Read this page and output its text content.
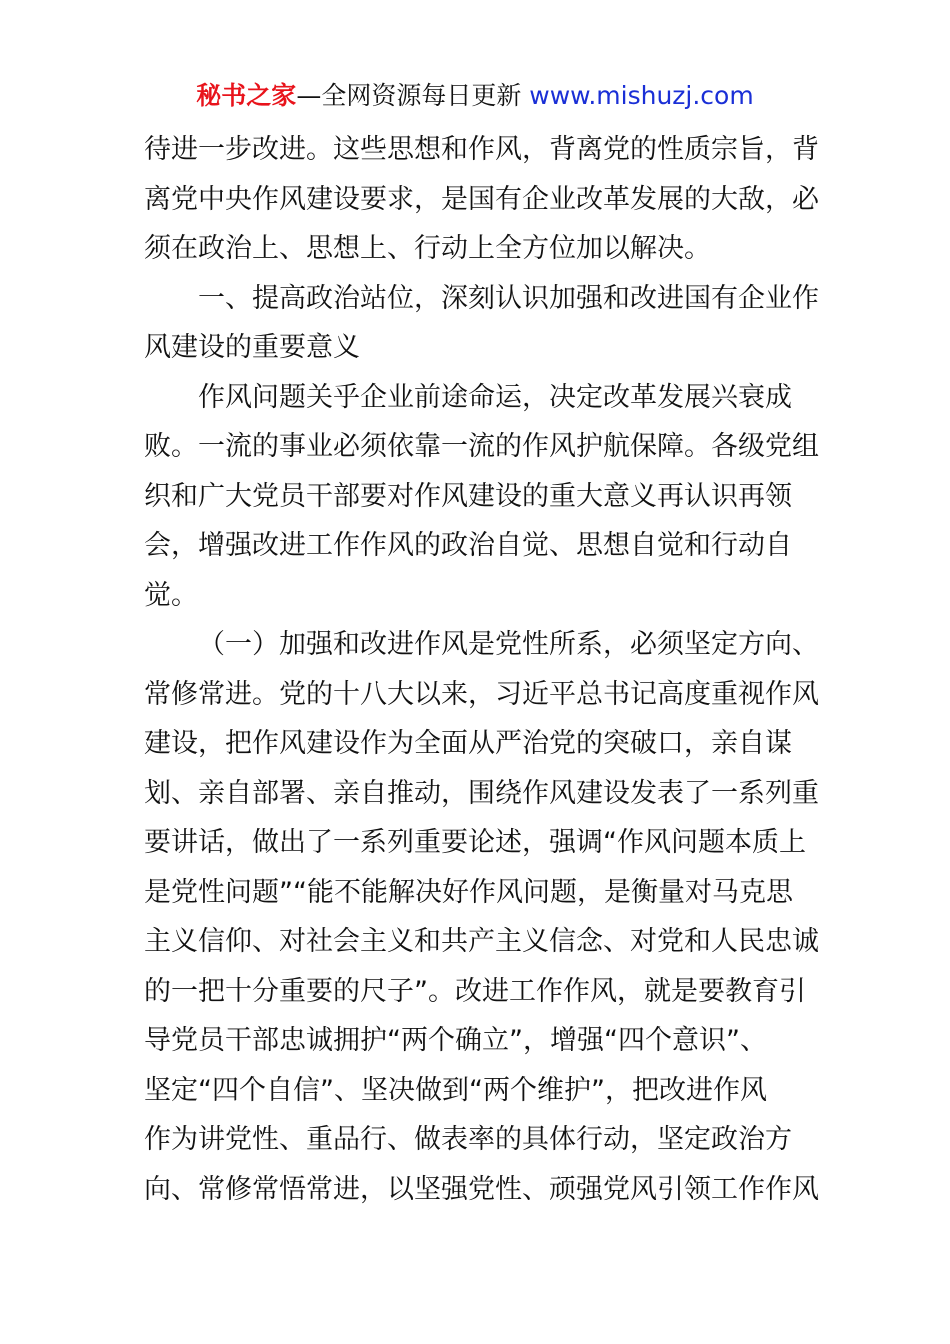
秘书之家—全网资源每日更新 www.mishuzj.com
待进一步改进。这些思想和作风，背离党的性质宗旨，背
离党中央作风建设要求，是国有企业改革发展的大敌，必
须在政治上、思想上、行动上全方位加以解决。
一、提高政治站位，深刻认识加强和改进国有企业作
风建设的重要意义
作风问题关乎企业前途命运，决定改革发展兴衰成
败。一流的事业必须依靠一流的作风护航保障。各级党组
织和广大党员干部要对作风建设的重大意义再认识再领
会，增强改进工作作风的政治自觉、思想自觉和行动自
觉。
（一）加强和改进作风是党性所系，必须坚定方向、
常修常进。党的十八大以来，习近平总书记高度重视作风
建设，把作风建设作为全面从严治党的突破口，亲自谋
划、亲自部署、亲自推动，围绕作风建设发表了一系列重
要讲话，做出了一系列重要论述，强调“作风问题本质上
是党性问题”“能不能解决好作风问题，是衡量对马克思
主义信仰、对社会主义和共产主义信念、对党和人民忠诚
的一把十分重要的尺子”。改进工作作风，就是要教育引
导党员干部忠诚拥护“两个确立”，增强“四个意识”、
坚定“四个自信”、坚决做到“两个维护”，把改进作风
作为讲党性、重品行、做表率的具体行动，坚定政治方
向、常修常悟常进，以坚强党性、顽强党风引领工作作风
